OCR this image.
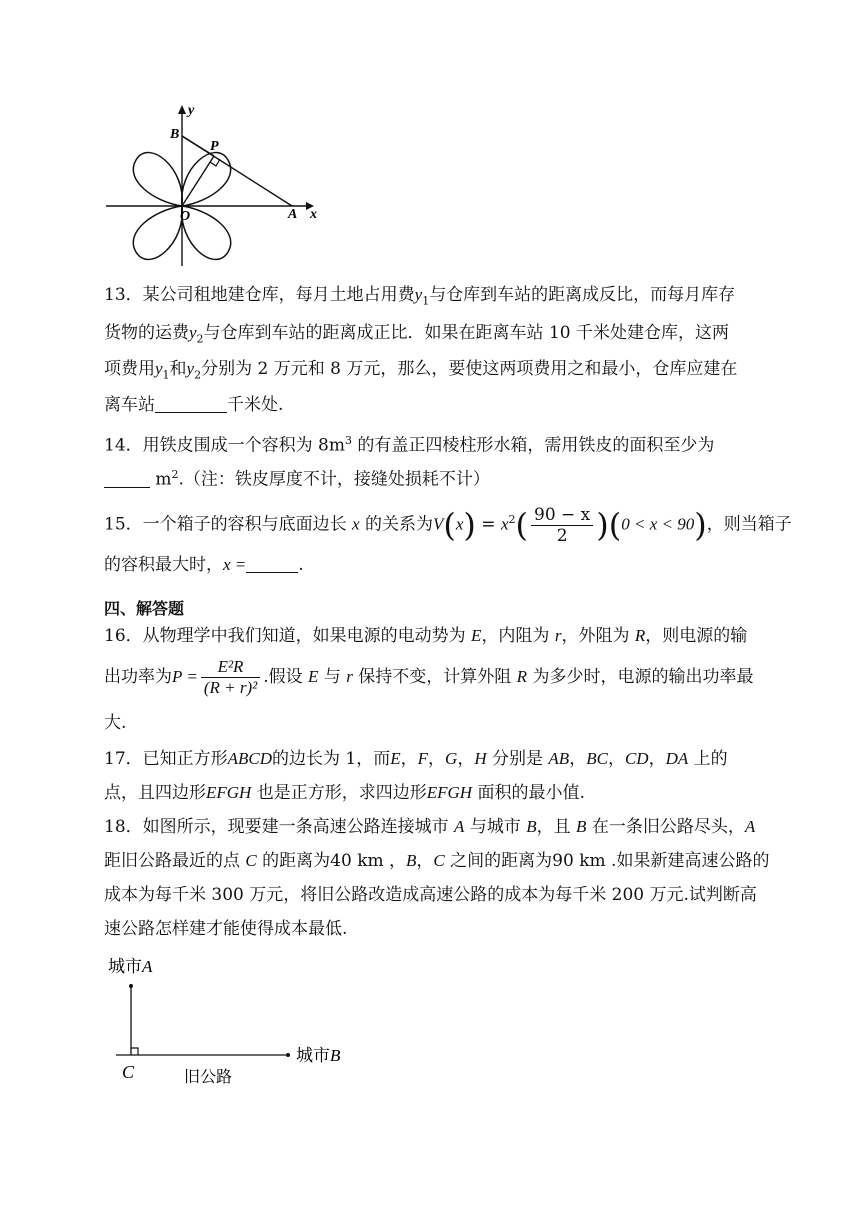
y
x
B
P
O	A
13．某公司租地建仓库，每月土地占用费$y_1$与仓库到车站的距离成反比，而每月库存
货物的运费$y_2$与仓库到车站的距离成正比．如果在距离车站 10 千米处建仓库，这两
项费用$y_1$和$y_2$分别为 2 万元和 8 万元，那么，要使这两项费用之和最小，仓库应建在
离车站	千米处.
14．用铁皮围成一个容积为 $8m^3$ 的有盖正四棱柱形水箱，需用铁皮的面积至少为
$m^2$.（注：铁皮厚度不计，接缝处损耗不计）
15．一个箱子的容积与底面边长 x 的关系为$V(x) = x^2( \frac{90 - x}{2} )(0 < x < 90)$，则当箱子
的容积最大时，x =	.
四、解答题
16．从物理学中我们知道，如果电源的电动势为 E，内阻为 r，外阻为 R，则电源的输
出功率为$P = \frac{\text{E²R}}{\text{(R + r)²}}$ .假设 E 与 r 保持不变，计算外阻 R 为多少时，电源的输出功率最
大.
17．已知正方形ABCD的边长为 1，而E，F，G，H 分别是 AB，BC，CD，DA 上的
点，且四边形EFGH 也是正方形，求四边形EFGH 面积的最小值.
18．如图所示，现要建一条高速公路连接城市 A 与城市 B，且 B 在一条旧公路尽头，A
距旧公路最近的点 C 的距离为40 km ，B，C 之间的距离为90 km .如果新建高速公路的
成本为每千米 300 万元，将旧公路改造成高速公路的成本为每千米 200 万元.试判断高
速公路怎样建才能使得成本最低.
城市A
城市B
C	旧公路
